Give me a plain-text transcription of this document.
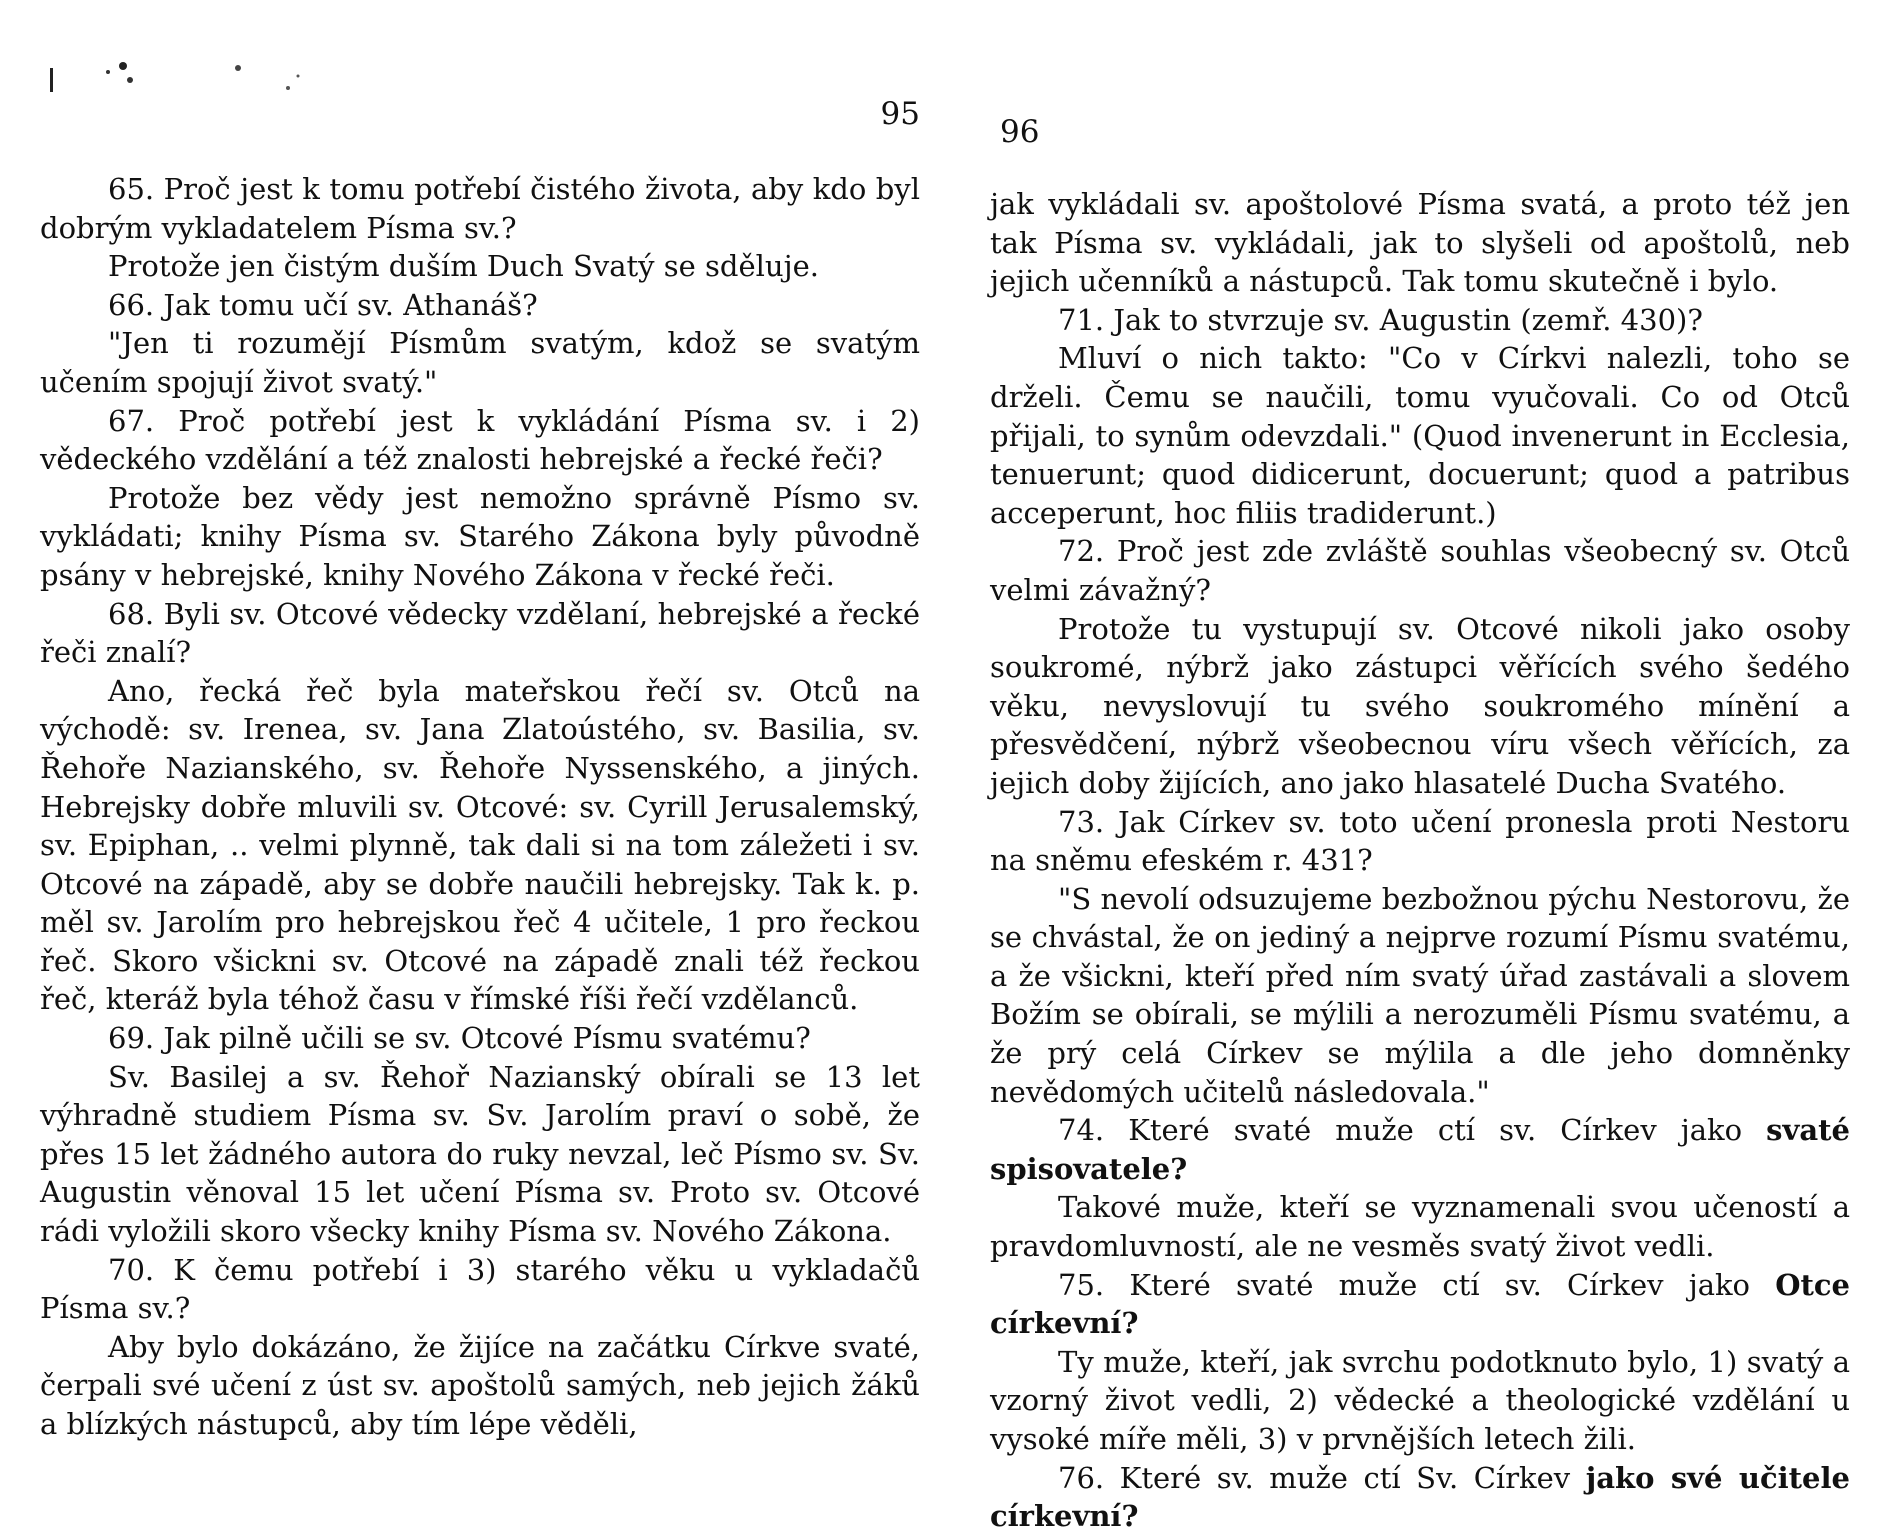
95

65. Proč jest k tomu potřebí čistého života, aby kdo byl dobrým vykladatelem Písma sv.?

Protože jen čistým duším Duch Svatý se sděluje.

66. Jak tomu učí sv. Athanáš?

"Jen ti rozumějí Písmům svatým, kdož se svatým učením spojují život svatý."

67. Proč potřebí jest k vykládání Písma sv. i 2) vědeckého vzdělání a též znalosti hebrejské a řecké řeči?

Protože bez vědy jest nemožno správně Písmo sv. vykládati; knihy Písma sv. Starého Zákona byly původně psány v hebrejské, knihy Nového Zákona v řecké řeči.

68. Byli sv. Otcové vědecky vzdělaní, hebrejské a řecké řeči znalí?

Ano, řecká řeč byla mateřskou řečí sv. Otců na východě: sv. Irenea, sv. Jana Zlatoústého, sv. Basilia, sv. Řehoře Nazianského, sv. Řehoře Nyssenského, a jiných. Hebrejsky dobře mluvili sv. Otcové: sv. Cyrill Jerusalemský, sv. Epiphan, .. velmi plynně, tak dali si na tom záležeti i sv. Otcové na západě, aby se dobře naučili hebrejsky. Tak k. p. měl sv. Jarolím pro hebrejskou řeč 4 učitele, 1 pro řeckou řeč. Skoro všickni sv. Otcové na západě znali též řeckou řeč, kteráž byla téhož času v římské říši řečí vzdělanců.

69. Jak pilně učili se sv. Otcové Písmu svatému?

Sv. Basilej a sv. Řehoř Nazianský obírali se 13 let výhradně studiem Písma sv. Sv. Jarolím praví o sobě, že přes 15 let žádného autora do ruky nevzal, leč Písmo sv. Sv. Augustin věnoval 15 let učení Písma sv. Proto sv. Otcové rádi vyložili skoro všecky knihy Písma sv. Nového Zákona.

70. K čemu potřebí i 3) starého věku u vykladačů Písma sv.?

Aby bylo dokázáno, že žijíce na začátku Církve svaté, čerpali své učení z úst sv. apoštolů samých, neb jejich žáků a blízkých nástupců, aby tím lépe věděli,

96

jak vykládali sv. apoštolové Písma svatá, a proto též jen tak Písma sv. vykládali, jak to slyšeli od apoštolů, neb jejich učenníků a nástupců. Tak tomu skutečně i bylo.

71. Jak to stvrzuje sv. Augustin (zemř. 430)?

Mluví o nich takto: "Co v Církvi nalezli, toho se drželi. Čemu se naučili, tomu vyučovali. Co od Otců přijali, to synům odevzdali." (Quod invenerunt in Ecclesia, tenuerunt; quod didicerunt, docuerunt; quod a patribus acceperunt, hoc filiis tradiderunt.)

72. Proč jest zde zvláště souhlas všeobecný sv. Otců velmi závažný?

Protože tu vystupují sv. Otcové nikoli jako osoby soukromé, nýbrž jako zástupci věřících svého šedého věku, nevyslovují tu svého soukromého mínění a přesvědčení, nýbrž všeobecnou víru všech věřících, za jejich doby žijících, ano jako hlasatelé Ducha Svatého.

73. Jak Církev sv. toto učení pronesla proti Nestoru na sněmu efeském r. 431?

"S nevolí odsuzujeme bezbožnou pýchu Nestorovu, že se chvástal, že on jediný a nejprve rozumí Písmu svatému, a že všickni, kteří před ním svatý úřad zastávali a slovem Božím se obírali, se mýlili a nerozuměli Písmu svatému, a že prý celá Církev se mýlila a dle jeho domněnky nevědomých učitelů následovala."

74. Které svaté muže ctí sv. Církev jako svaté spisovatele?

Takové muže, kteří se vyznamenali svou učeností a pravdomluvností, ale ne vesměs svatý život vedli.

75. Které svaté muže ctí sv. Církev jako Otce církevní?

Ty muže, kteří, jak svrchu podotknuto bylo, 1) svatý a vzorný život vedli, 2) vědecké a theologické vzdělání u vysoké míře měli, 3) v prvnějších letech žili.

76. Které sv. muže ctí Sv. Církev jako své učitele církevní?
